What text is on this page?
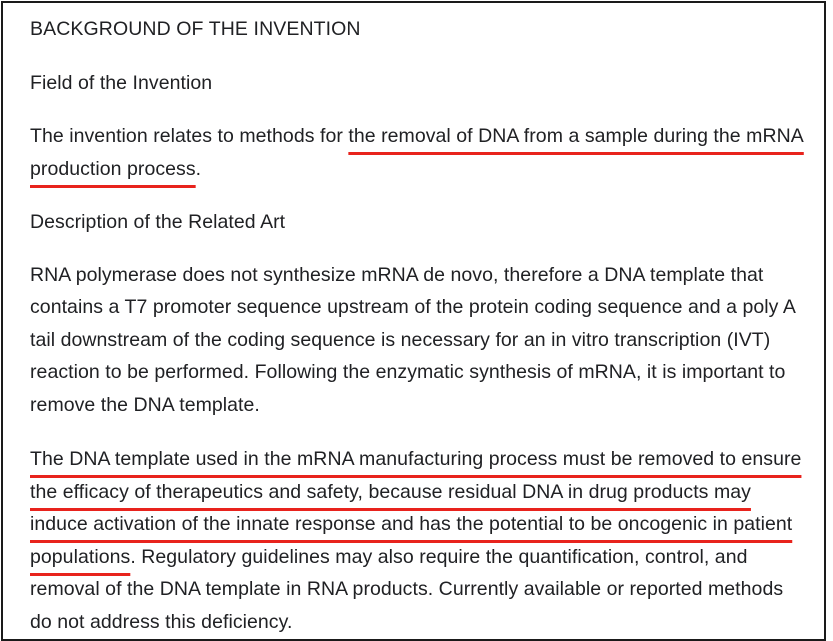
BACKGROUND OF THE INVENTION

Field of the Invention

The invention relates to methods for the removal of DNA from a sample during the mRNA production process.

Description of the Related Art

RNA polymerase does not synthesize mRNA de novo, therefore a DNA template that contains a T7 promoter sequence upstream of the protein coding sequence and a poly A tail downstream of the coding sequence is necessary for an in vitro transcription (IVT) reaction to be performed. Following the enzymatic synthesis of mRNA, it is important to remove the DNA template.

The DNA template used in the mRNA manufacturing process must be removed to ensure the efficacy of therapeutics and safety, because residual DNA in drug products may induce activation of the innate response and has the potential to be oncogenic in patient populations. Regulatory guidelines may also require the quantification, control, and removal of the DNA template in RNA products. Currently available or reported methods do not address this deficiency.
